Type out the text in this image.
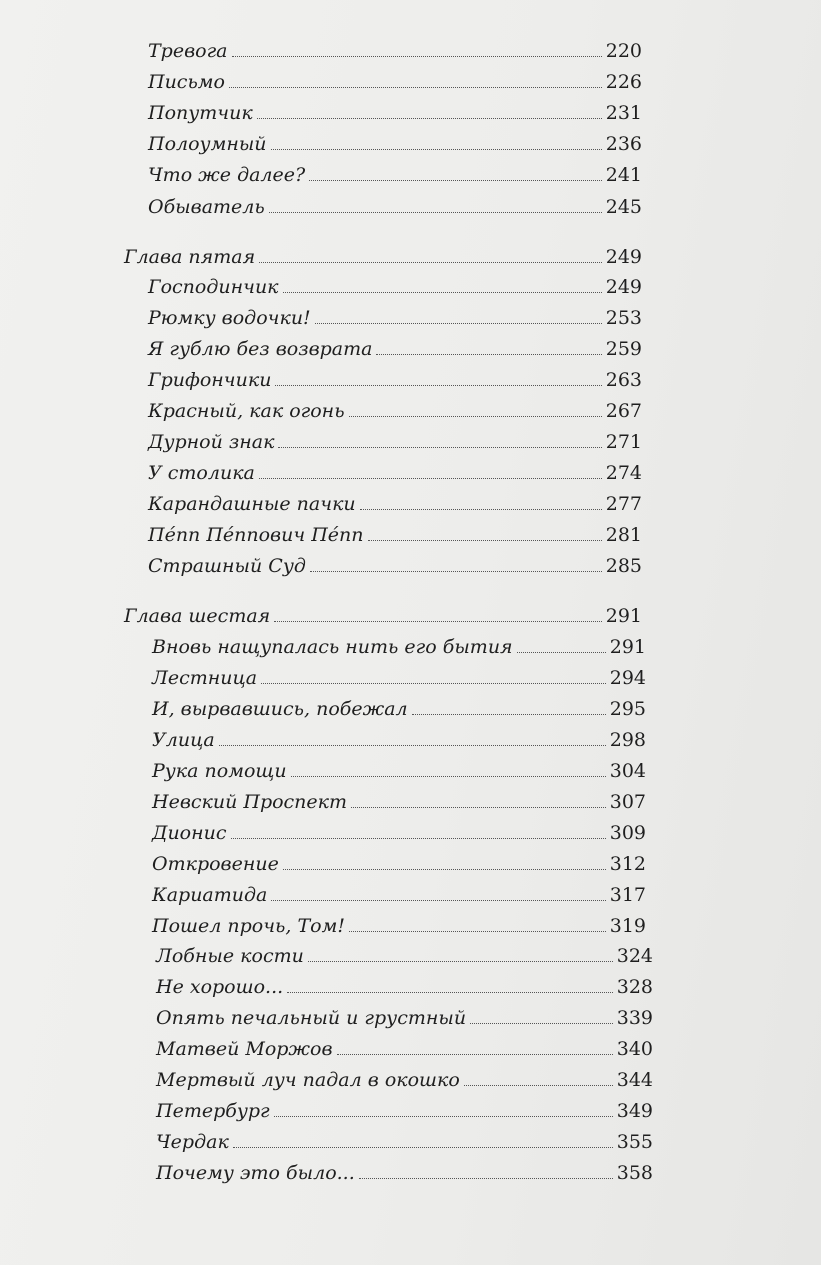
Тревога	220
Письмо	226
Попутчик	231
Полоумный	236
Что же далее?	241
Обыватель	245
Глава пятая	249
Господинчик	249
Рюмку водочки!	253
Я гублю без возврата	259
Грифончики	263
Красный, как огонь	267
Дурной знак	271
У столика	274
Карандашные пачки	277
Пéпп Пéппович Пéпп	281
Страшный Суд	285
Глава шестая	291
Вновь нащупалась нить его бытия	291
Лестница	294
И, вырвавшись, побежал	295
Улица	298
Рука помощи	304
Невский Проспект	307
Дионис	309
Откровение	312
Кариатида	317
Пошел прочь, Том!	319
Лобные кости	324
Не хорошо...	328
Опять печальный и грустный	339
Матвей Моржов	340
Мертвый луч падал в окошко	344
Петербург	349
Чердак	355
Почему это было...	358
